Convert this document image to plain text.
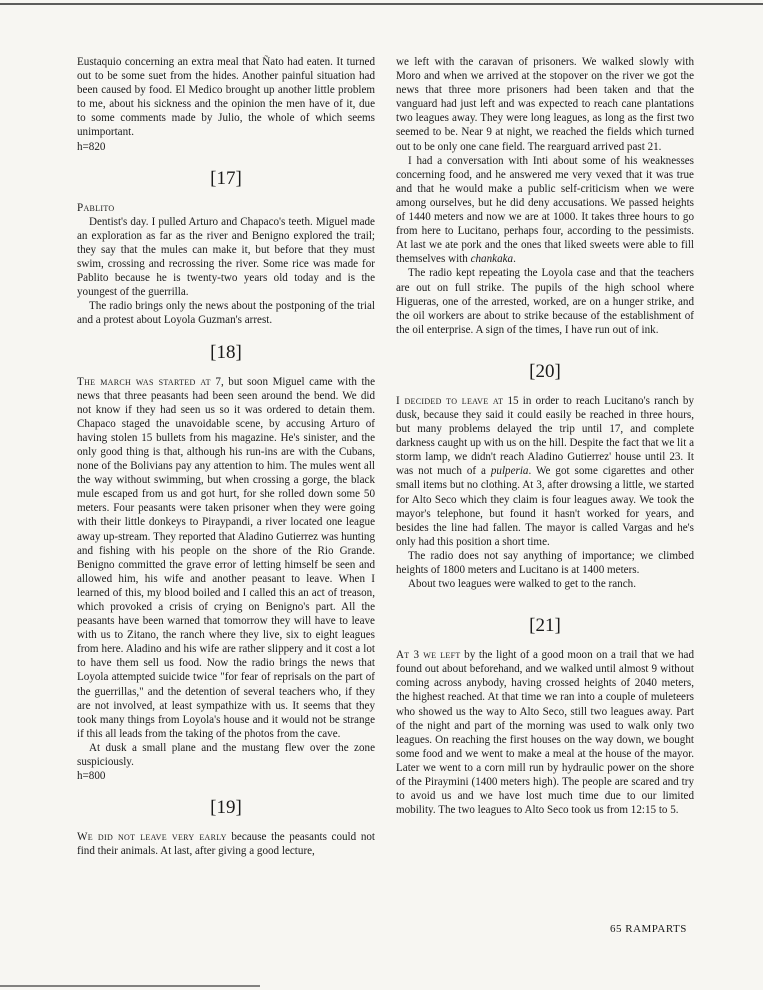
Eustaquio concerning an extra meal that Ñato had eaten. It turned out to be some suet from the hides. Another painful situation had been caused by food. El Medico brought up another little problem to me, about his sickness and the opinion the men have of it, due to some comments made by Julio, the whole of which seems unimportant.

h=820

[17]

Pablito

Dentist's day. I pulled Arturo and Chapaco's teeth. Miguel made an exploration as far as the river and Benigno explored the trail; they say that the mules can make it, but before that they must swim, crossing and recrossing the river. Some rice was made for Pablito because he is twenty-two years old today and is the youngest of the guerrilla.

The radio brings only the news about the postponing of the trial and a protest about Loyola Guzman's arrest.

[18]

The march was started at 7, but soon Miguel came with the news that three peasants had been seen around the bend. We did not know if they had seen us so it was ordered to detain them. Chapaco staged the unavoidable scene, by accusing Arturo of having stolen 15 bullets from his magazine. He's sinister, and the only good thing is that, although his run-ins are with the Cubans, none of the Bolivians pay any attention to him. The mules went all the way without swimming, but when crossing a gorge, the black mule escaped from us and got hurt, for she rolled down some 50 meters. Four peasants were taken prisoner when they were going with their little donkeys to Piraypandi, a river located one league away up-stream. They reported that Aladino Gutierrez was hunting and fishing with his people on the shore of the Rio Grande. Benigno committed the grave error of letting himself be seen and allowed him, his wife and another peasant to leave. When I learned of this, my blood boiled and I called this an act of treason, which provoked a crisis of crying on Benigno's part. All the peasants have been warned that tomorrow they will have to leave with us to Zitano, the ranch where they live, six to eight leagues from here. Aladino and his wife are rather slippery and it cost a lot to have them sell us food. Now the radio brings the news that Loyola attempted suicide twice "for fear of reprisals on the part of the guerrillas," and the detention of several teachers who, if they are not involved, at least sympathize with us. It seems that they took many things from Loyola's house and it would not be strange if this all leads from the taking of the photos from the cave.

At dusk a small plane and the mustang flew over the zone suspiciously.

h=800

[19]

We did not leave very early because the peasants could not find their animals. At last, after giving a good lecture,

we left with the caravan of prisoners. We walked slowly with Moro and when we arrived at the stopover on the river we got the news that three more prisoners had been taken and that the vanguard had just left and was expected to reach cane plantations two leagues away. They were long leagues, as long as the first two seemed to be. Near 9 at night, we reached the fields which turned out to be only one cane field. The rearguard arrived past 21.

I had a conversation with Inti about some of his weaknesses concerning food, and he answered me very vexed that it was true and that he would make a public self-criticism when we were among ourselves, but he did deny accusations. We passed heights of 1440 meters and now we are at 1000. It takes three hours to go from here to Lucitano, perhaps four, according to the pessimists. At last we ate pork and the ones that liked sweets were able to fill themselves with chankaka.

The radio kept repeating the Loyola case and that the teachers are out on full strike. The pupils of the high school where Higueras, one of the arrested, worked, are on a hunger strike, and the oil workers are about to strike because of the establishment of the oil enterprise. A sign of the times, I have run out of ink.

[20]

I decided to leave at 15 in order to reach Lucitano's ranch by dusk, because they said it could easily be reached in three hours, but many problems delayed the trip until 17, and complete darkness caught up with us on the hill. Despite the fact that we lit a storm lamp, we didn't reach Aladino Gutierrez' house until 23. It was not much of a pulperia. We got some cigarettes and other small items but no clothing. At 3, after drowsing a little, we started for Alto Seco which they claim is four leagues away. We took the mayor's telephone, but found it hasn't worked for years, and besides the line had fallen. The mayor is called Vargas and he's only had this position a short time.

The radio does not say anything of importance; we climbed heights of 1800 meters and Lucitano is at 1400 meters.

About two leagues were walked to get to the ranch.

[21]

At 3 we left by the light of a good moon on a trail that we had found out about beforehand, and we walked until almost 9 without coming across anybody, having crossed heights of 2040 meters, the highest reached. At that time we ran into a couple of muleteers who showed us the way to Alto Seco, still two leagues away. Part of the night and part of the morning was used to walk only two leagues. On reaching the first houses on the way down, we bought some food and we went to make a meal at the house of the mayor. Later we went to a corn mill run by hydraulic power on the shore of the Piraymini (1400 meters high). The people are scared and try to avoid us and we have lost much time due to our limited mobility. The two leagues to Alto Seco took us from 12:15 to 5.

65 RAMPARTS
